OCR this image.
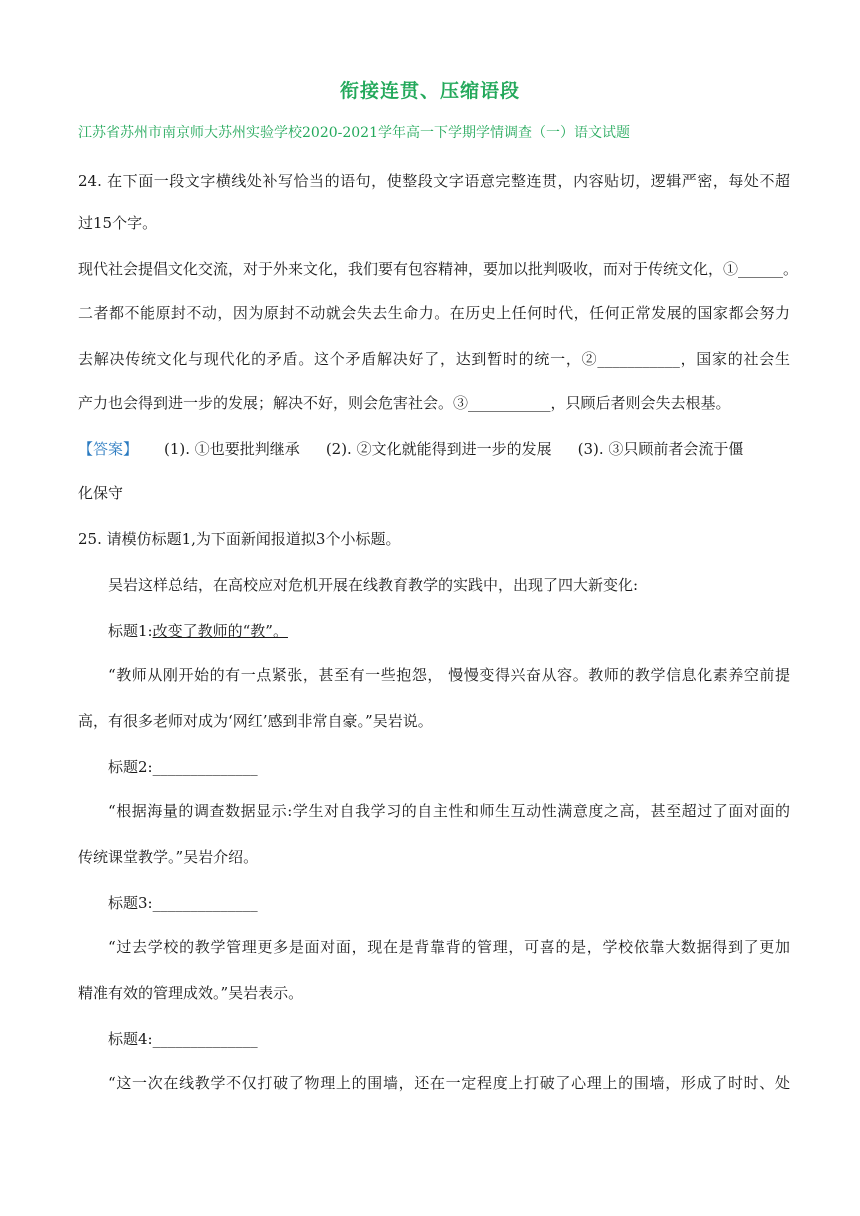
衔接连贯、压缩语段
江苏省苏州市南京师大苏州实验学校2020-2021学年高一下学期学情调查（一）语文试题
24. 在下面一段文字横线处补写恰当的语句，使整段文字语意完整连贯，内容贴切，逻辑严密，每处不超
过15个字。
现代社会提倡文化交流，对于外来文化，我们要有包容精神，要加以批判吸收，而对于传统文化，①______。
二者都不能原封不动，因为原封不动就会失去生命力。在历史上任何时代，任何正常发展的国家都会努力
去解决传统文化与现代化的矛盾。这个矛盾解决好了，达到暂时的统一，②___________，国家的社会生
产力也会得到进一步的发展；解决不好，则会危害社会。③___________，只顾后者则会失去根基。
【答案】 (1). ①也要批判继承 (2). ②文化就能得到进一步的发展 (3). ③只顾前者会流于僵
化保守
25. 请模仿标题1,为下面新闻报道拟3个小标题。
吴岩这样总结，在高校应对危机开展在线教育教学的实践中，出现了四大新变化:
标题1:改变了教师的“教”。
“教师从刚开始的有一点紧张，甚至有一些抱怨， 慢慢变得兴奋从容。教师的教学信息化素养空前提
高，有很多老师对成为‘网红’感到非常自豪。”吴岩说。
标题2:______________
“根据海量的调查数据显示:学生对自我学习的自主性和师生互动性满意度之高，甚至超过了面对面的
传统课堂教学。”吴岩介绍。
标题3:______________
“过去学校的教学管理更多是面对面，现在是背靠背的管理，可喜的是，学校依靠大数据得到了更加
精准有效的管理成效。”吴岩表示。
标题4:______________
“这一次在线教学不仅打破了物理上的围墙，还在一定程度上打破了心理上的围墙，形成了时时、处
